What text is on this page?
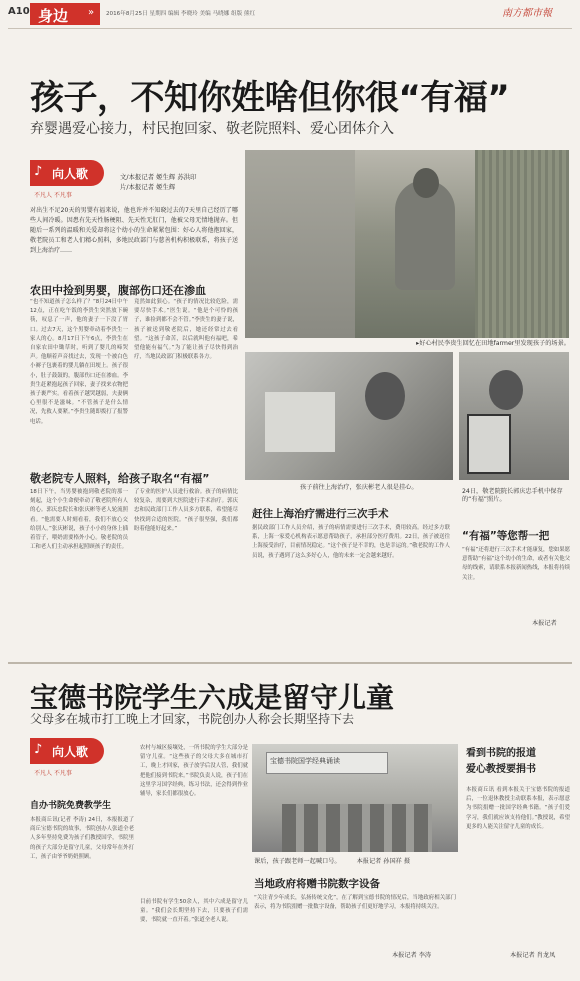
A10 身边 » 2016年8月25日 星期四 编辑 李晓玲 美编 马晓娜 组版 熊红	南方都市報
孩子，不知你姓啥但你很“有福”
弃婴遇爱心接力，村民抱回家、敬老院照料、爱心团体介入
♪ 向人歌
不凡人 不凡事
文/本报记者 姬生辉 苏洪印
片/本报记者 姬生辉
对出生不足20天的男婴有福来说，他也许并不知晓过去的7天里自己经历了哪些人间冷暖。因患有先天性肠梗阻、先天性无肛门，他被父母无情地抛弃。但随后一系列的温暖和关爱却将这个幼小的生命紧紧包围：好心人将他抱回家，敬老院员工和老人们精心照料，多地民政部门与慈善机构积极联系，将孩子送到上海治疗……
农田中捡到男婴，腹部伤口还在渗血
“也不知道孩子怎么样了？”8月24日中午12点，正在吃午饭的李贵生突然放下碗筷，叹息了一声，他的妻子一下没了胃口。过去7天，这个男婴牵动着李贵生一家人的心。8月17日下午6点，李贵生在自家农田中锄草时，听到了婴儿的啼哭声。他顺着声音找过去，发现一个被白色小褥子包裹着的婴儿躺在田埂上。孩子很小，肚子鼓鼓的，腹部伤口还在渗血。李贵生赶紧抱起孩子回家，妻子找来衣物把孩子裹严实。看着孩子越哭越弱，夫妻俩心里很不是滋味。“不管孩子是什么情况，先救人要紧。”李贵生随即拨打了报警电话。
竟然如此狠心。“孩子的情况比较危险，需要尽快手术。”医生说。“他是个可怜的孩子，谁捡到都不会不管。”李贵生的妻子说，孩子被送到敬老院后，她还经常过去看望。“这孩子命苦，以后就叫他有福吧，希望他能有福气。”为了能让孩子尽快得到治疗，当地民政部门积极联系各方。
▸好心村民李贵生回忆在田地farmer里发现孩子的场景。
孩子前往上海治疗，张庆彬老人很是挂心。
24日，敬老院院长郭庆忠手机中保存的“有福”照片。
敬老院专人照料，给孩子取名“有福”
18日下午，当男婴被抱到敬老院的那一刻起，这个小生命便牵动了敬老院所有人的心。郭庆忠院长和张庆彬等老人轮流照看。“他需要人时刻看着，我们不放心交给别人。”张庆彬说，孩子小小的身体上插着管子，喂奶需要格外小心。敬老院的员工和老人们主动承担起照顾孩子的责任。
了专业的医护人员进行救治。孩子的病情比较复杂，需要到大医院进行手术治疗。郭庆忠和民政部门工作人员多方联系，希望能尽快找到合适的医院。“孩子很坚强，我们都盼着他能好起来。”
赶往上海治疗需进行三次手术
据民政部门工作人员介绍，孩子的病情需要进行三次手术，费用较高。经过多方联系，上海一家爱心机构表示愿意帮助孩子，承担部分医疗费用。22日，孩子被送往上海接受治疗，目前情况稳定。“这个孩子是不幸的，也是幸运的。”敬老院的工作人员说，孩子遇到了这么多好心人，他的未来一定会越来越好。
“有福”等您帮一把
“有福”还将进行三次手术才能康复，您如果愿意帮助“有福”这个幼小的生命，或者有关他父母的线索，请联系本报新闻热线，本报将持续关注。
本报记者
宝德书院学生六成是留守儿童
父母多在城市打工晚上才回家，书院创办人称会长期坚持下去
♪ 向人歌
不凡人 不凡事
自办书院免费教学生
本报商丘讯(记者 李涛) 24日，本报报道了商丘宝德书院的故事，书院创办人张道全老人多年坚持免费为孩子们教授国学，书院里的孩子大部分是留守儿童，父母常年在外打工，孩子由爷爷奶奶照顾。
农村与城区接壤处，一所书院的学生大部分是留守儿童。“这些孩子的父母大多在城市打工，晚上才回家，孩子放学后没人管，我们就把他们接到书院来。”书院负责人说，孩子们在这里学习国学经典，练习书法，还会得到作业辅导，家长们都很放心。
目前书院有学生50余人，其中六成是留守儿童。“我们会长期坚持下去，只要孩子们需要，书院就一直开着。”张道全老人说。
宝德书院国学经典诵读
课后，孩子跟老师一起喊口号。	本报记者 孙国祥 摄
当地政府将赠书院数字设备
“关注青少年成长，弘扬传统文化”，在了解到宝德书院的情况后，当地政府相关部门表示，将为书院捐赠一批数字设备，帮助孩子们更好地学习，本报将持续关注。
本报记者 李涛
看到书院的报道
爱心教授要捐书
本报商丘讯 看到本报关于宝德书院的报道后，一位退休教授主动联系本报，表示愿意为书院捐赠一批国学经典书籍。“孩子们爱学习，我们就应该支持他们。”教授说，希望更多的人能关注留守儿童的成长。
本报记者 肖龙凤
